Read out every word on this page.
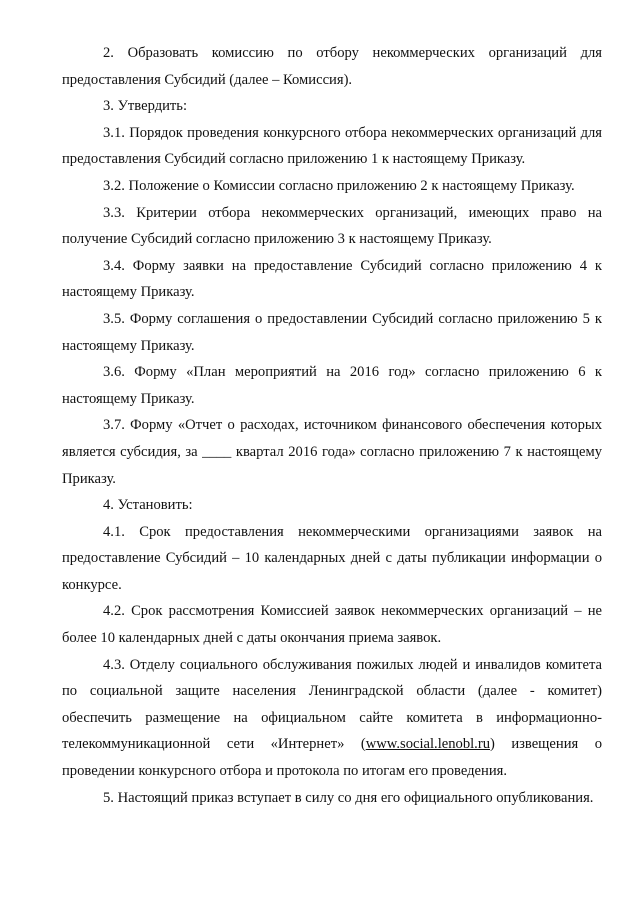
2. Образовать комиссию по отбору некоммерческих организаций для предоставления Субсидий (далее – Комиссия).

3. Утвердить:

3.1. Порядок проведения конкурсного отбора некоммерческих организаций для предоставления Субсидий согласно приложению 1 к настоящему Приказу.

3.2. Положение о Комиссии согласно приложению 2 к настоящему Приказу.

3.3. Критерии отбора некоммерческих организаций, имеющих право на получение Субсидий согласно приложению 3 к настоящему Приказу.

3.4. Форму заявки на предоставление Субсидий согласно приложению 4 к настоящему Приказу.

3.5. Форму соглашения о предоставлении Субсидий согласно приложению 5 к настоящему Приказу.

3.6. Форму «План мероприятий на 2016 год» согласно приложению 6 к настоящему Приказу.

3.7. Форму «Отчет о расходах, источником финансового обеспечения которых является субсидия, за ____ квартал 2016 года» согласно приложению 7 к настоящему Приказу.

4. Установить:

4.1. Срок предоставления некоммерческими организациями заявок на предоставление Субсидий – 10 календарных дней с даты публикации информации о конкурсе.

4.2. Срок рассмотрения Комиссией заявок некоммерческих организаций – не более 10 календарных дней с даты окончания приема заявок.

4.3. Отделу социального обслуживания пожилых людей и инвалидов комитета по социальной защите населения Ленинградской области (далее - комитет) обеспечить размещение на официальном сайте комитета в информационно-телекоммуникационной сети «Интернет» (www.social.lenobl.ru) извещения о проведении конкурсного отбора и протокола по итогам его проведения.

5. Настоящий приказ вступает в силу со дня его официального опубликования.
